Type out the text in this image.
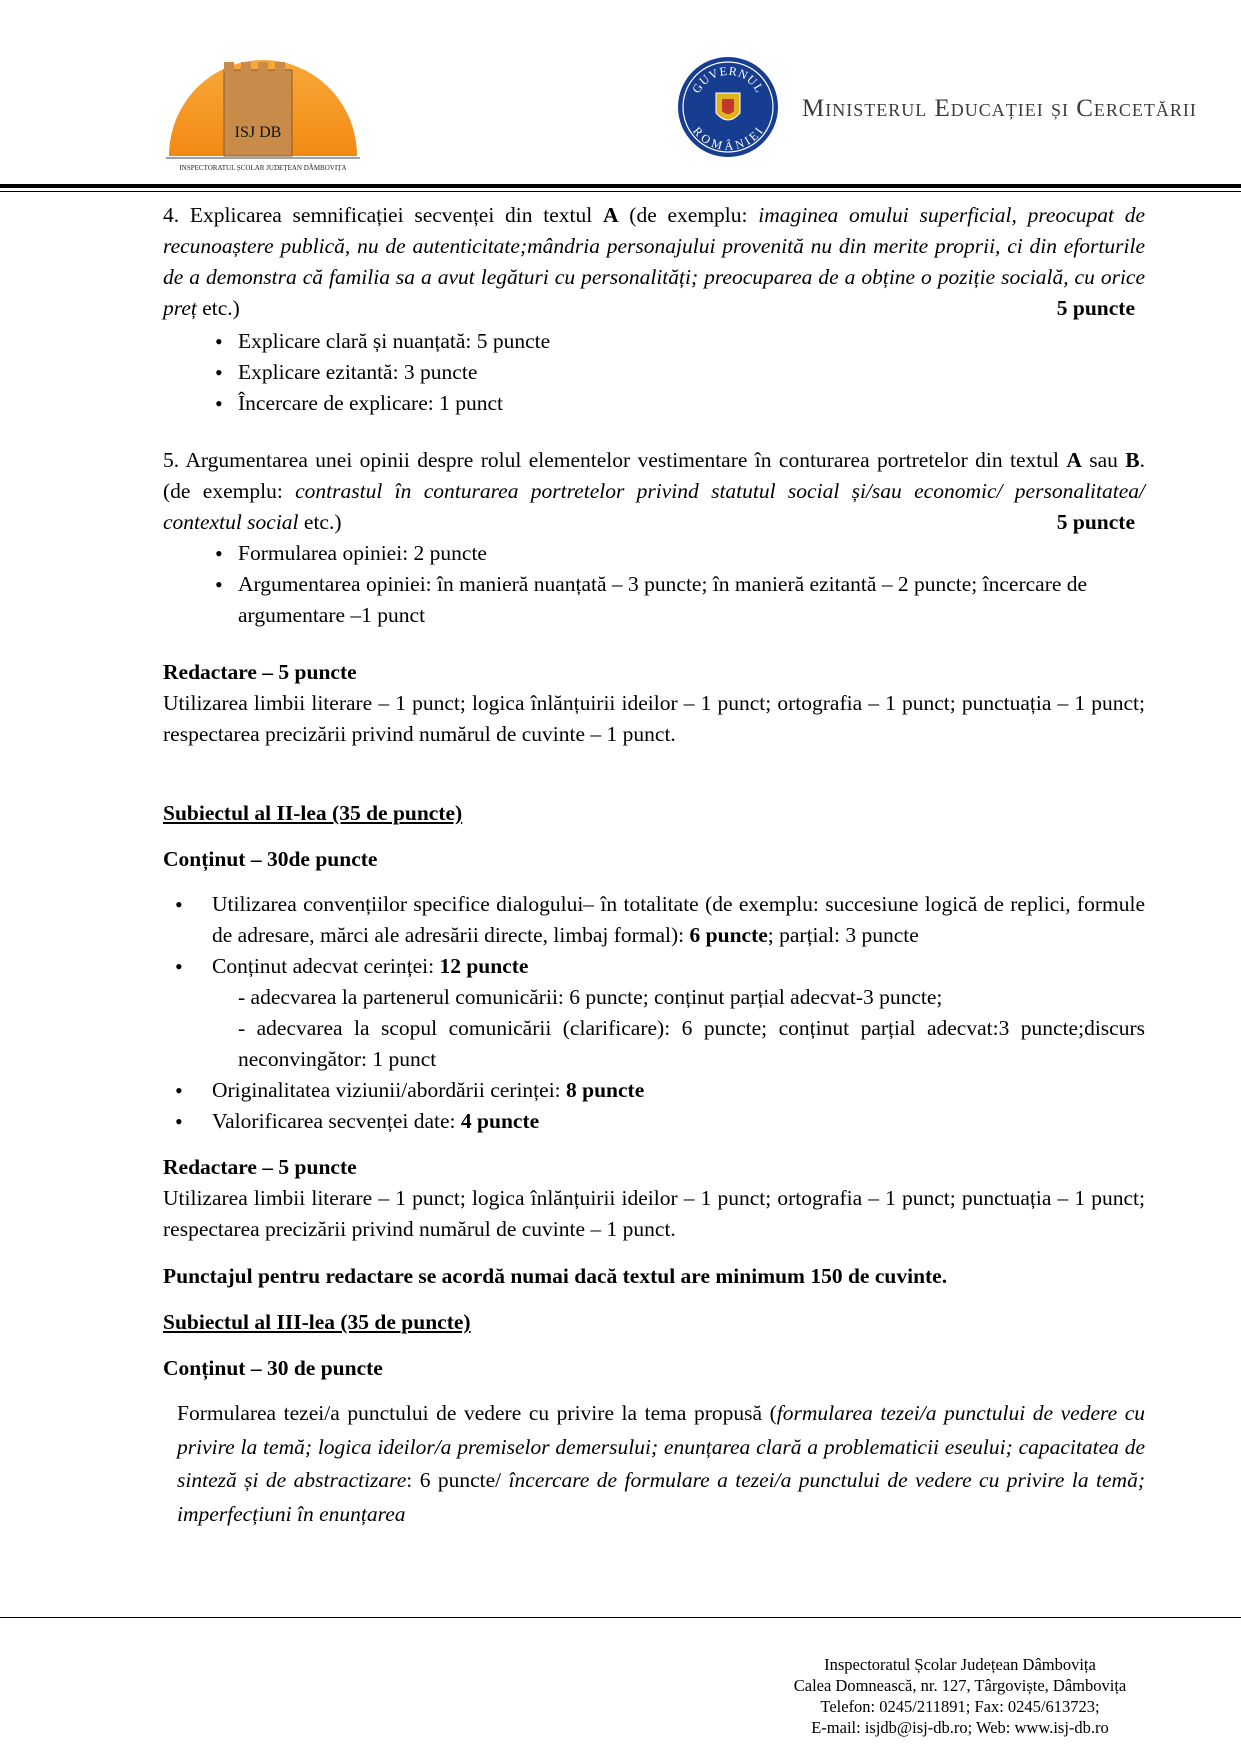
ISJ DB
INSPECTORATUL ȘCOLAR JUDEȚEAN DÂMBOVIȚA
GUVERNUL
ROMÂNIEI
Ministerul Educației și Cercetării

4. Explicarea semnificației secvenței din textul A (de exemplu: imaginea omului superficial, preocupat de recunoaștere publică, nu de autenticitate;mândria personajului provenită nu din merite proprii, ci din eforturile de a demonstra că familia sa a avut legături cu personalități; preocuparea de a obține o poziție socială, cu orice preț etc.)	5 puncte
• Explicare clară și nuanțată: 5 puncte
• Explicare ezitantă: 3 puncte
• Încercare de explicare: 1 punct

5. Argumentarea unei opinii despre rolul elementelor vestimentare în conturarea portretelor din textul A sau B. (de exemplu: contrastul în conturarea portretelor privind statutul social și/sau economic/ personalitatea/ contextul social etc.)	5 puncte
• Formularea opiniei: 2 puncte
• Argumentarea opiniei: în manieră nuanțată – 3 puncte; în manieră ezitantă – 2 puncte; încercare de argumentare –1 punct

Redactare – 5 puncte

Utilizarea limbii literare – 1 punct; logica înlănțuirii ideilor – 1 punct; ortografia – 1 punct; punctuația – 1 punct; respectarea precizării privind numărul de cuvinte – 1 punct.

Subiectul al II-lea (35 de puncte)

Conținut – 30de puncte

• Utilizarea convențiilor specifice dialogului– în totalitate (de exemplu: succesiune logică de replici, formule de adresare, mărci ale adresării directe, limbaj formal): 6 puncte; parțial: 3 puncte
• Conținut adecvat cerinței: 12 puncte

- adecvarea la partenerul comunicării: 6 puncte; conținut parțial adecvat-3 puncte;

- adecvarea la scopul comunicării (clarificare): 6 puncte; conținut parțial adecvat:3 puncte;discurs neconvingător: 1 punct

• Originalitatea viziunii/abordării cerinței: 8 puncte
• Valorificarea secvenței date: 4 puncte

Redactare – 5 puncte

Utilizarea limbii literare – 1 punct; logica înlănțuirii ideilor – 1 punct; ortografia – 1 punct; punctuația – 1 punct; respectarea precizării privind numărul de cuvinte – 1 punct.

Punctajul pentru redactare se acordă numai dacă textul are minimum 150 de cuvinte.

Subiectul al III-lea (35 de puncte)

Conținut – 30 de puncte

Formularea tezei/a punctului de vedere cu privire la tema propusă (formularea tezei/a punctului de vedere cu privire la temă; logica ideilor/a premiselor demersului; enunțarea clară a problematicii eseului; capacitatea de sinteză și de abstractizare: 6 puncte/ încercare de formulare a tezei/a punctului de vedere cu privire la temă; imperfecțiuni în enunțarea

Inspectoratul Școlar Județean Dâmbovița
Calea Domnească, nr. 127, Târgoviște, Dâmbovița
Telefon: 0245/211891; Fax: 0245/613723;
E-mail: isjdb@isj-db.ro; Web: www.isj-db.ro
